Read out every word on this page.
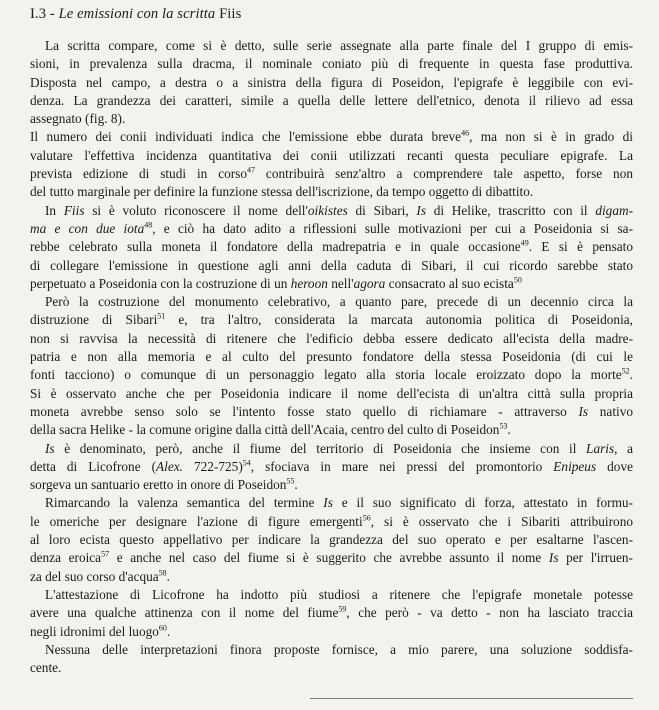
I.3 - Le emissioni con la scritta Fiis
La scritta compare, come si è detto, sulle serie assegnate alla parte finale del I gruppo di emis-
sioni, in prevalenza sulla dracma, il nominale coniato più di frequente in questa fase produttiva.
Disposta nel campo, a destra o a sinistra della figura di Poseidon, l'epigrafe è leggibile con evi-
denza. La grandezza dei caratteri, simile a quella delle lettere dell'etnico, denota il rilievo ad essa
assegnato (fig. 8).
Il numero dei conii individuati indica che l'emissione ebbe durata breve$^{46}$, ma non si è in grado di
valutare l'effettiva incidenza quantitativa dei conii utilizzati recanti questa peculiare epigrafe. La
prevista edizione di studi in corso$^{47}$ contribuirà senz'altro a comprendere tale aspetto, forse non
del tutto marginale per definire la funzione stessa dell'iscrizione, da tempo oggetto di dibattito.
In Fiis si è voluto riconoscere il nome dell'oikistes di Sibari, Is di Helike, trascritto con il digam-
ma e con due iota$^{48}$, e ciò ha dato adito a riflessioni sulle motivazioni per cui a Poseidonia si sa-
rebbe celebrato sulla moneta il fondatore della madrepatria e in quale occasione$^{49}$. E si è pensato
di collegare l'emissione in questione agli anni della caduta di Sibari, il cui ricordo sarebbe stato
perpetuato a Poseidonia con la costruzione di un heroon nell'agora consacrato al suo ecista$^{50}$
Però la costruzione del monumento celebrativo, a quanto pare, precede di un decennio circa la
distruzione di Sibari$^{51}$ e, tra l'altro, considerata la marcata autonomia politica di Poseidonia,
non si ravvisa la necessità di ritenere che l'edificio debba essere dedicato all'ecista della madre-
patria e non alla memoria e al culto del presunto fondatore della stessa Poseidonia (di cui le
fonti tacciono) o comunque di un personaggio legato alla storia locale eroizzato dopo la morte$^{52}$.
Si è osservato anche che per Poseidonia indicare il nome dell'ecista di un'altra città sulla propria
moneta avrebbe senso solo se l'intento fosse stato quello di richiamare - attraverso Is nativo
della sacra Helike - la comune origine dalla città dell'Acaia, centro del culto di Poseidon$^{53}$.
Is è denominato, però, anche il fiume del territorio di Poseidonia che insieme con il Laris, a
detta di Licofrone (Alex. 722-725)$^{54}$, sfociava in mare nei pressi del promontorio Enipeus dove
sorgeva un santuario eretto in onore di Poseidon$^{55}$.
Rimarcando la valenza semantica del termine Is e il suo significato di forza, attestato in formu-
le omeriche per designare l'azione di figure emergenti$^{56}$, si è osservato che i Sibariti attribuirono
al loro ecista questo appellativo per indicare la grandezza del suo operato e per esaltarne l'ascen-
denza eroica$^{57}$ e anche nel caso del fiume si è suggerito che avrebbe assunto il nome Is per l'irruen-
za del suo corso d'acqua$^{58}$.
L'attestazione di Licofrone ha indotto più studiosi a ritenere che l'epigrafe monetale potesse
avere una qualche attinenza con il nome del fiume$^{59}$, che però - va detto - non ha lasciato traccia
negli idronimi del luogo$^{60}$.
Nessuna delle interpretazioni finora proposte fornisce, a mio parere, una soluzione soddisfa-
cente.
